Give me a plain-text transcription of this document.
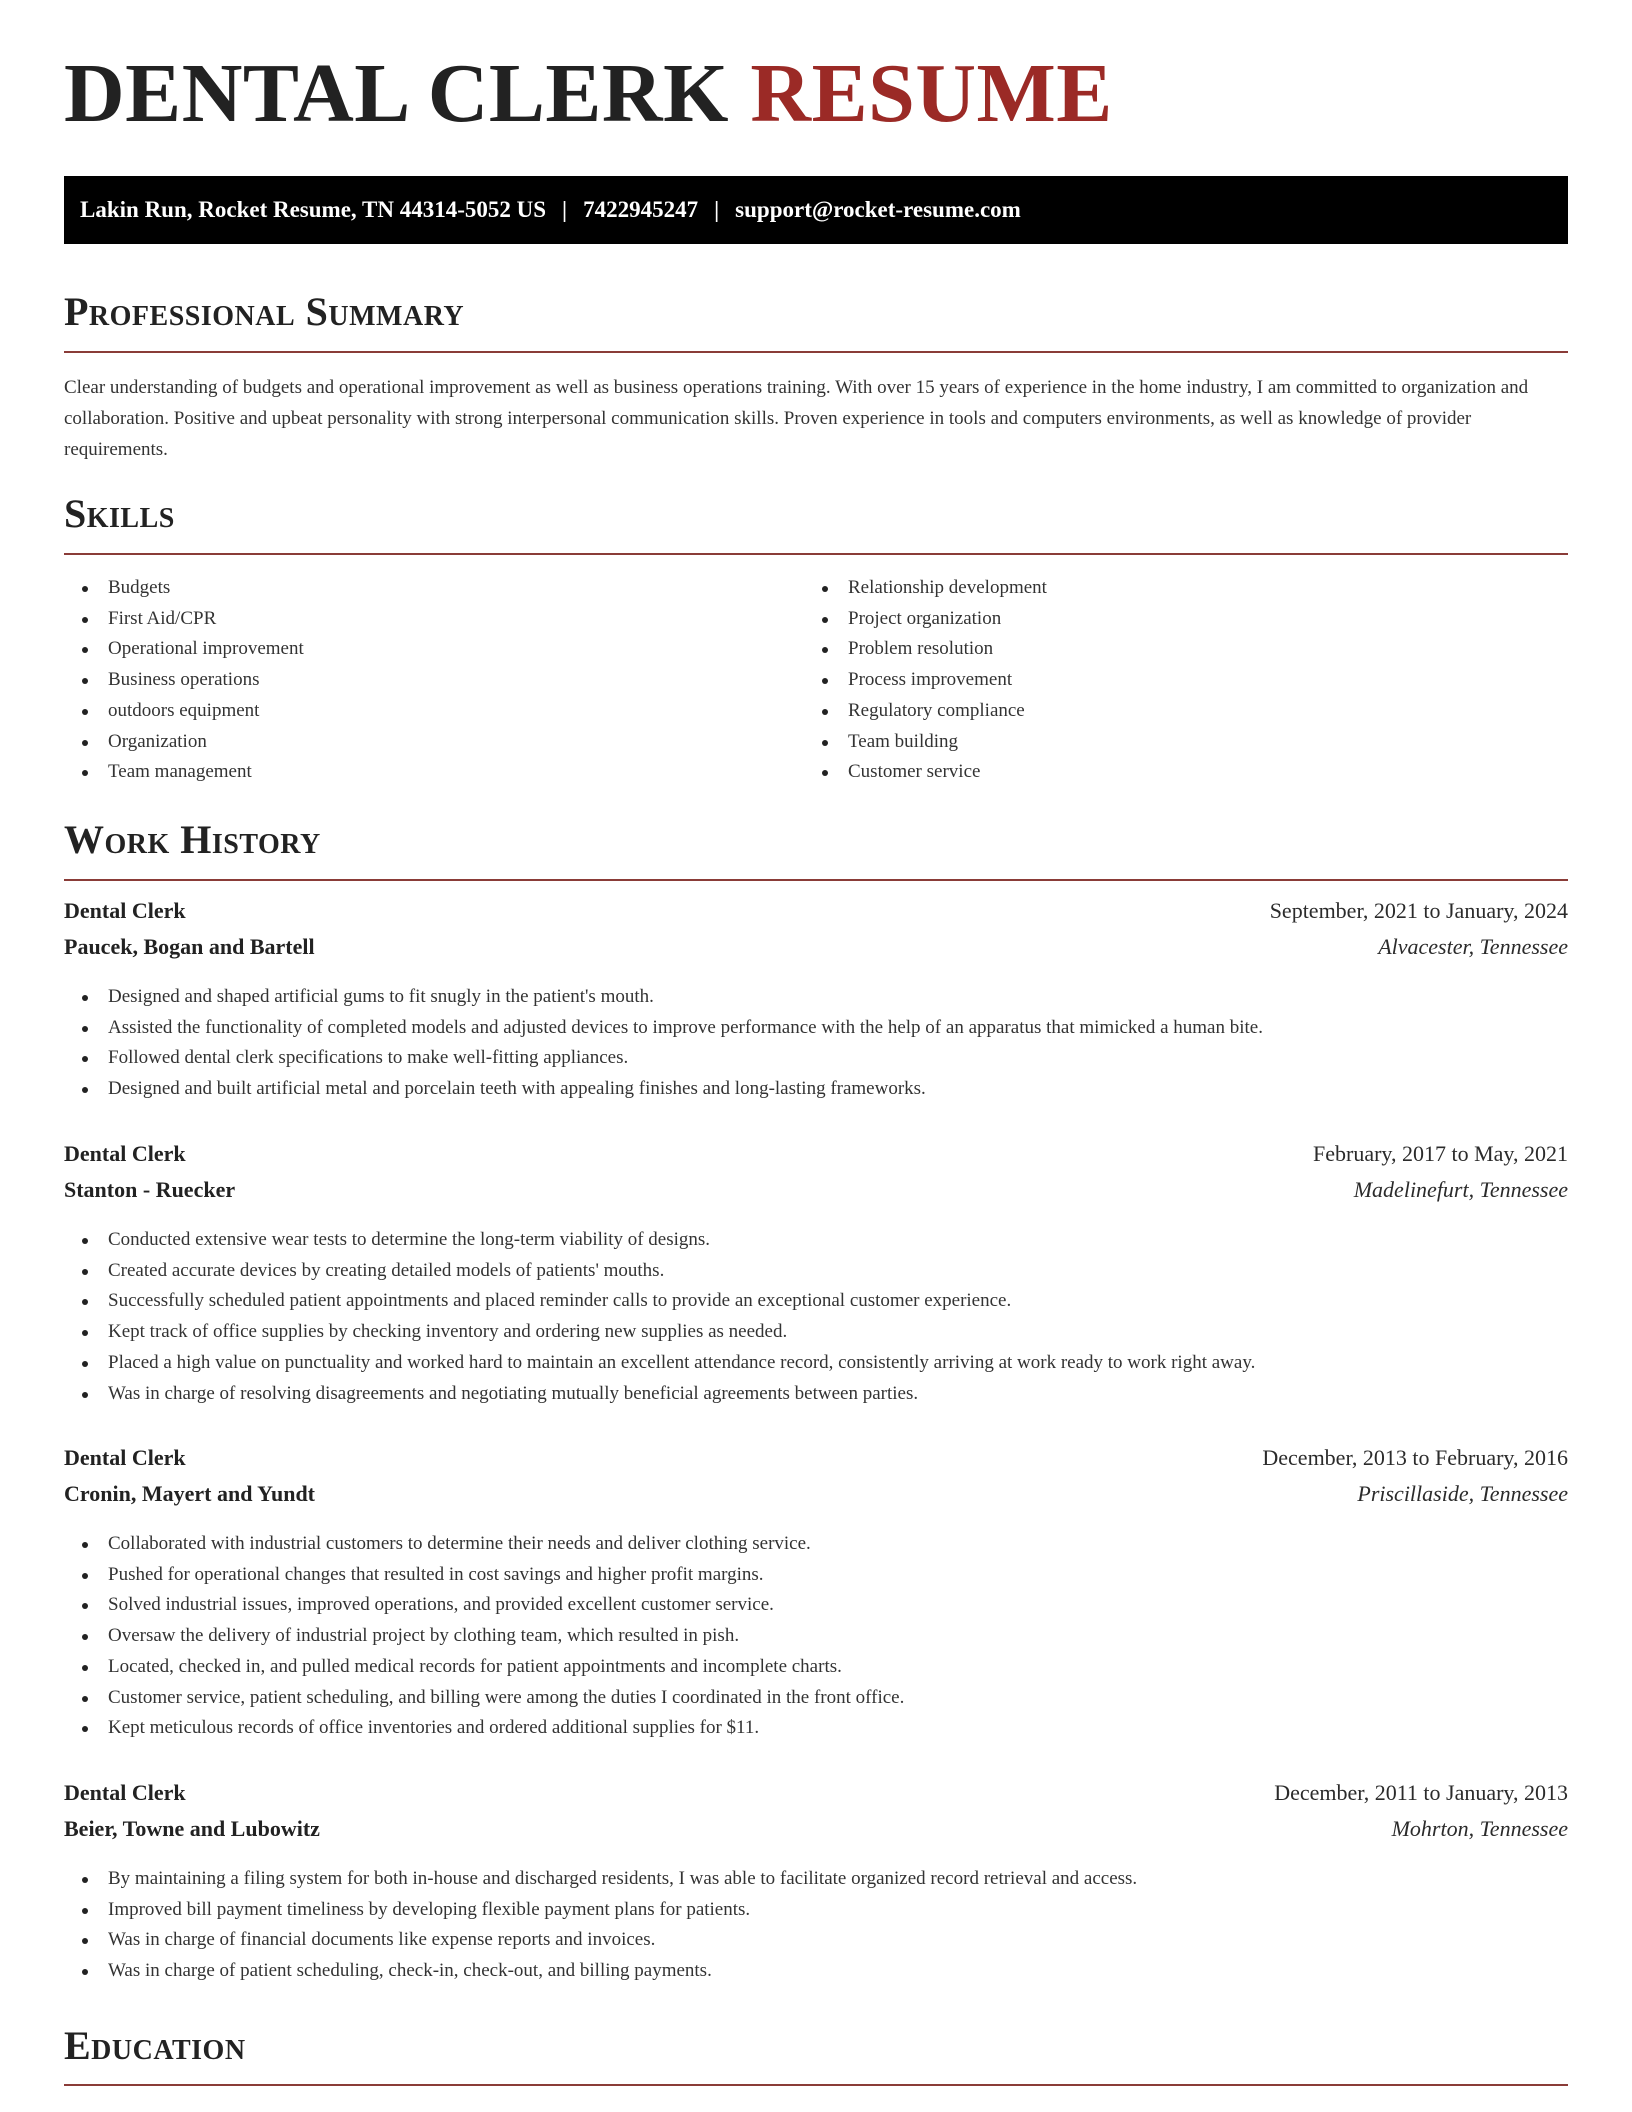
DENTAL CLERK RESUME
Lakin Run, Rocket Resume, TN 44314-5052 US | 7422945247 | support@rocket-resume.com
Professional Summary

Clear understanding of budgets and operational improvement as well as business operations training. With over 15 years of experience in the home industry, I am committed to organization and collaboration. Positive and upbeat personality with strong interpersonal communication skills. Proven experience in tools and computers environments, as well as knowledge of provider requirements.

Skills
Budgets
First Aid/CPR
Operational improvement
Business operations
outdoors equipment
Organization
Team management
Relationship development
Project organization
Problem resolution
Process improvement
Regulatory compliance
Team building
Customer service
Work History
Dental Clerk	September, 2021 to January, 2024
Paucek, Bogan and Bartell	Alvacester, Tennessee
Designed and shaped artificial gums to fit snugly in the patient's mouth.
Assisted the functionality of completed models and adjusted devices to improve performance with the help of an apparatus that mimicked a human bite.
Followed dental clerk specifications to make well-fitting appliances.
Designed and built artificial metal and porcelain teeth with appealing finishes and long-lasting frameworks.
Dental Clerk	February, 2017 to May, 2021
Stanton - Ruecker	Madelinefurt, Tennessee
Conducted extensive wear tests to determine the long-term viability of designs.
Created accurate devices by creating detailed models of patients' mouths.
Successfully scheduled patient appointments and placed reminder calls to provide an exceptional customer experience.
Kept track of office supplies by checking inventory and ordering new supplies as needed.
Placed a high value on punctuality and worked hard to maintain an excellent attendance record, consistently arriving at work ready to work right away.
Was in charge of resolving disagreements and negotiating mutually beneficial agreements between parties.
Dental Clerk	December, 2013 to February, 2016
Cronin, Mayert and Yundt	Priscillaside, Tennessee
Collaborated with industrial customers to determine their needs and deliver clothing service.
Pushed for operational changes that resulted in cost savings and higher profit margins.
Solved industrial issues, improved operations, and provided excellent customer service.
Oversaw the delivery of industrial project by clothing team, which resulted in pish.
Located, checked in, and pulled medical records for patient appointments and incomplete charts.
Customer service, patient scheduling, and billing were among the duties I coordinated in the front office.
Kept meticulous records of office inventories and ordered additional supplies for $11.
Dental Clerk	December, 2011 to January, 2013
Beier, Towne and Lubowitz	Mohrton, Tennessee
By maintaining a filing system for both in-house and discharged residents, I was able to facilitate organized record retrieval and access.
Improved bill payment timeliness by developing flexible payment plans for patients.
Was in charge of financial documents like expense reports and invoices.
Was in charge of patient scheduling, check-in, check-out, and billing payments.
Education
